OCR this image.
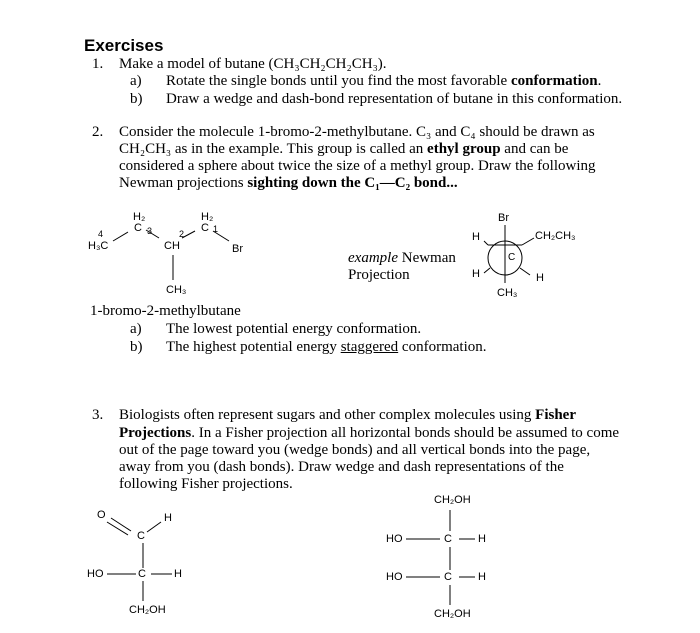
Exercises
1. Make a model of butane (CH₃CH₂CH₂CH₃).
a) Rotate the single bonds until you find the most favorable conformation.
b) Draw a wedge and dash-bond representation of butane in this conformation.
2. Consider the molecule 1-bromo-2-methylbutane. C₃ and C₄ should be drawn as
CH₂CH₃ as in the example. This group is called an ethyl group and can be
considered a sphere about twice the size of a methyl group. Draw the following
Newman projections sighting down the C₁—C₂ bond...
H₂	H₂
C	C
4	3	2	1
H₃C	CH	Br
CH₃
1-bromo-2-methylbutane
a) The lowest potential energy conformation.
b) The highest potential energy staggered conformation.
example Newman
Projection
Br
H	CH₂CH₃
C
H	H
CH₃
3. Biologists often represent sugars and other complex molecules using Fisher
Projections. In a Fisher projection all horizontal bonds should be assumed to come
out of the page toward you (wedge bonds) and all vertical bonds into the page,
away from you (dash bonds). Draw wedge and dash representations of the
following Fisher projections.
O
C
H
HO	C	H
CH₂OH
CH₂OH
HO	C H
HO	C H
CH₂OH
